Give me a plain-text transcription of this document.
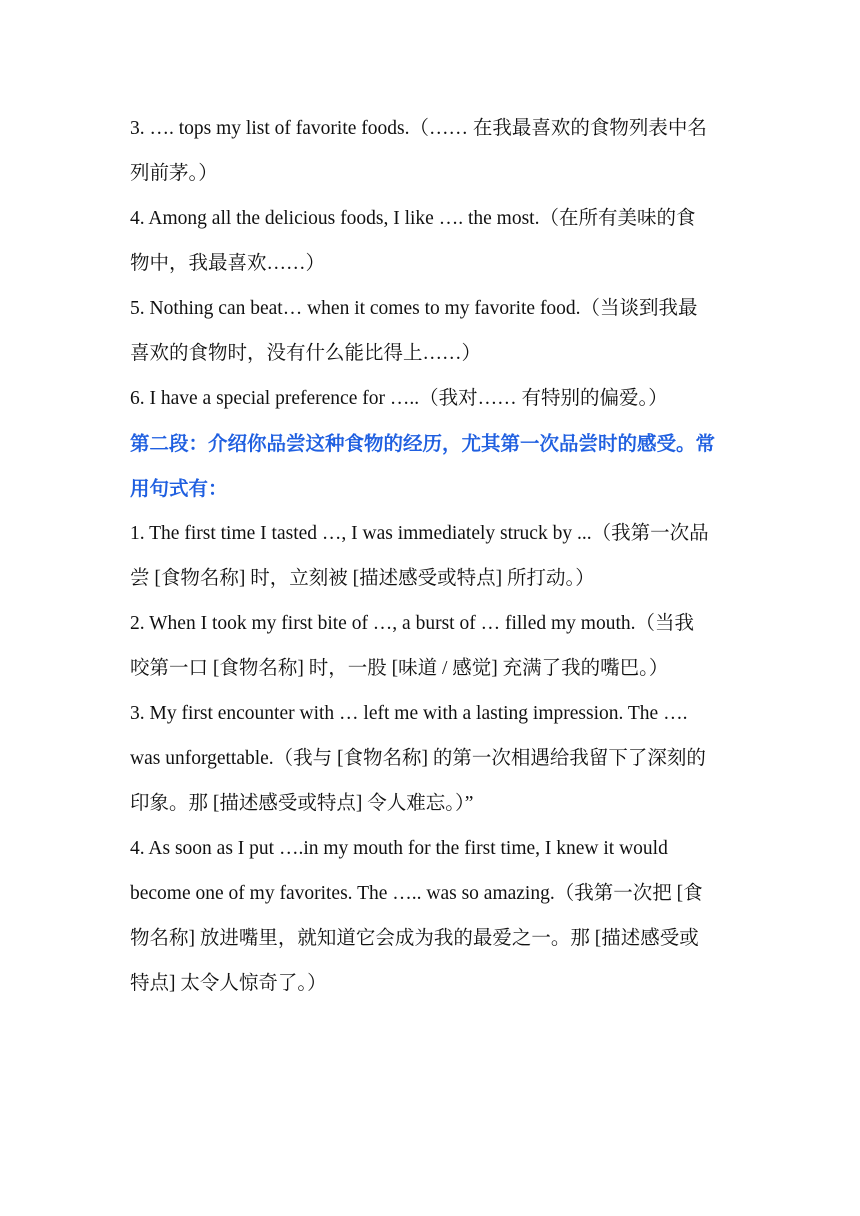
3. …. tops my list of favorite foods.（…… 在我最喜欢的食物列表中名
列前茅。）
4. Among all the delicious foods, I like …. the most.（在所有美味的食
物中，我最喜欢……）
5. Nothing can beat… when it comes to my favorite food.（当谈到我最
喜欢的食物时，没有什么能比得上……）
6. I have a special preference for …..（我对…… 有特别的偏爱。）
第二段：介绍你品尝这种食物的经历，尤其第一次品尝时的感受。常
用句式有：
1. The first time I tasted …, I was immediately struck by ...（我第一次品
尝 [食物名称] 时，立刻被 [描述感受或特点] 所打动。）
2. When I took my first bite of …, a burst of … filled my mouth.（当我
咬第一口 [食物名称] 时，一股 [味道 / 感觉] 充满了我的嘴巴。）
3. My first encounter with … left me with a lasting impression. The ….
was unforgettable.（我与 [食物名称] 的第一次相遇给我留下了深刻的
印象。那 [描述感受或特点] 令人难忘。）”
4. As soon as I put ….in my mouth for the first time, I knew it would
become one of my favorites. The ….. was so amazing.（我第一次把 [食
物名称] 放进嘴里，就知道它会成为我的最爱之一。那 [描述感受或
特点] 太令人惊奇了。）
